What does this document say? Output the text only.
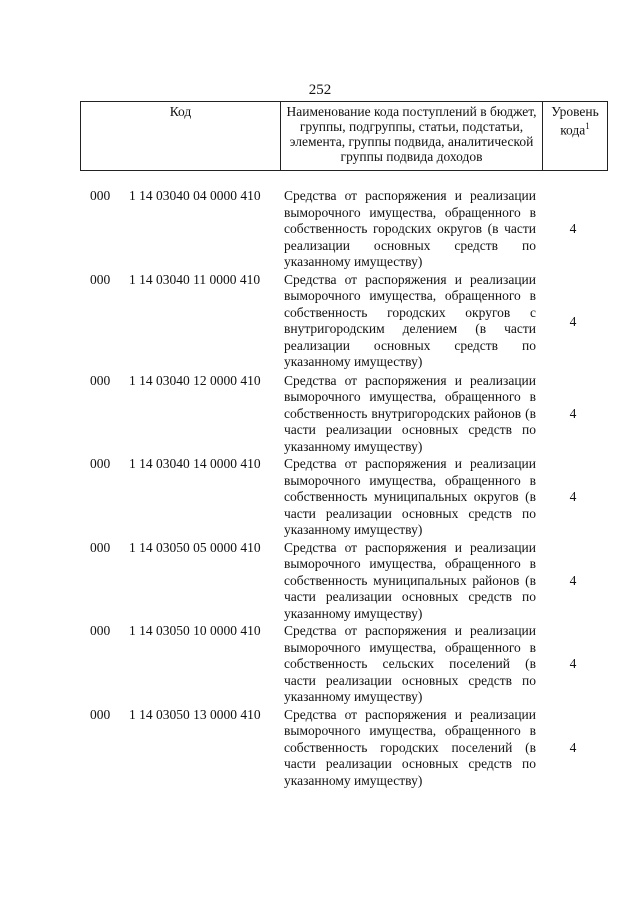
252
Код	Наименование кода поступлений в бюджет, группы, подгруппы, статьи, подстатьи, элемента, группы подвида, аналитической группы подвида доходов
Уровень кода$^1$
000 1 14 03040 04 0000 410 Средства от распоряжения и реализации выморочного имущества, обращенного в собственность городских округов (в части реализации основных средств по указанному имуществу)
4
000 1 14 03040 11 0000 410 Средства от распоряжения и реализации выморочного имущества, обращенного в собственность городских округов с внутригородским делением (в части реализации основных средств по указанному имуществу)
4
000 1 14 03040 12 0000 410 Средства от распоряжения и реализации выморочного имущества, обращенного в собственность внутригородских районов (в части реализации основных средств по указанному имуществу)
4
000 1 14 03040 14 0000 410 Средства от распоряжения и реализации выморочного имущества, обращенного в собственность муниципальных округов (в части реализации основных средств по указанному имуществу)
4
000 1 14 03050 05 0000 410 Средства от распоряжения и реализации выморочного имущества, обращенного в собственность муниципальных районов (в части реализации основных средств по указанному имуществу)
4
000 1 14 03050 10 0000 410 Средства от распоряжения и реализации выморочного имущества, обращенного в собственность сельских поселений (в части реализации основных средств по указанному имуществу)
4
000 1 14 03050 13 0000 410 Средства от распоряжения и реализации выморочного имущества, обращенного в собственность городских поселений (в части реализации основных средств по указанному имуществу)
4
